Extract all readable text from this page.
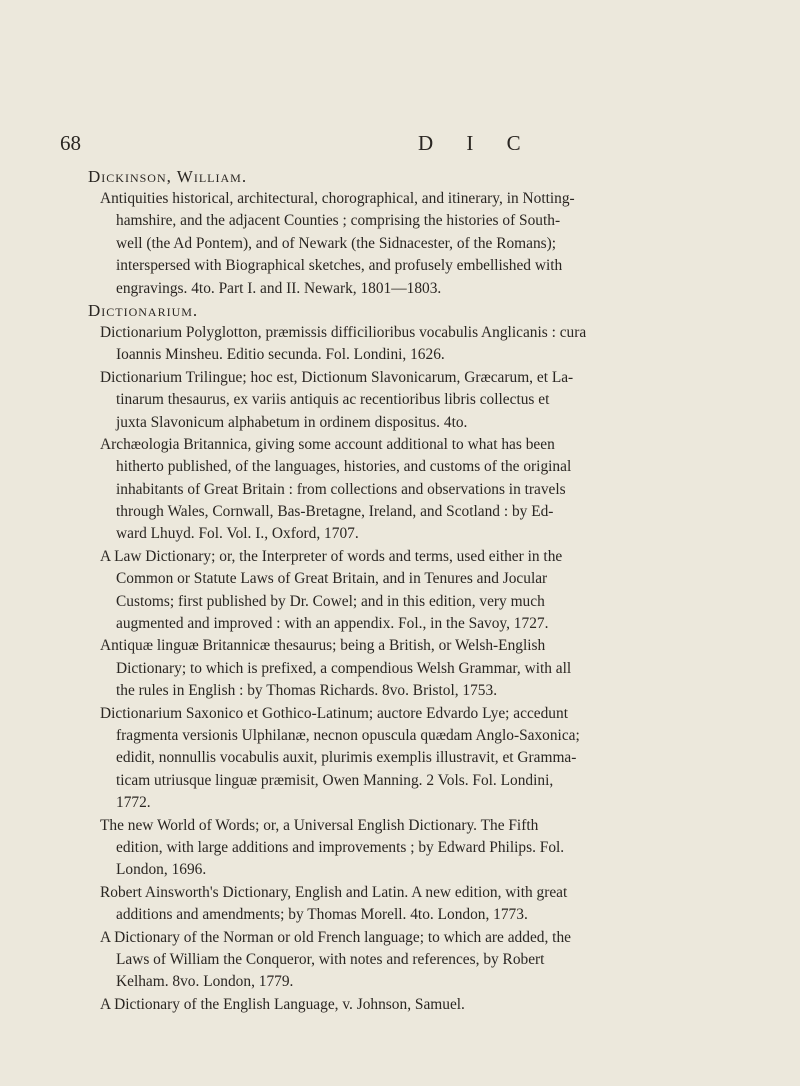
68	D I C
Dickinson, William.
Antiquities historical, architectural, chorographical, and itinerary, in Notting-
hamshire, and the adjacent Counties ; comprising the histories of South-
well (the Ad Pontem), and of Newark (the Sidnacester, of the Romans);
interspersed with Biographical sketches, and profusely embellished with
engravings. 4to. Part I. and II. Newark, 1801—1803.
Dictionarium.
Dictionarium Polyglotton, præmissis difficilioribus vocabulis Anglicanis : cura
Ioannis Minsheu. Editio secunda. Fol. Londini, 1626.
Dictionarium Trilingue; hoc est, Dictionum Slavonicarum, Græcarum, et La-
tinarum thesaurus, ex variis antiquis ac recentioribus libris collectus et
juxta Slavonicum alphabetum in ordinem dispositus. 4to.
Archæologia Britannica, giving some account additional to what has been
hitherto published, of the languages, histories, and customs of the original
inhabitants of Great Britain : from collections and observations in travels
through Wales, Cornwall, Bas-Bretagne, Ireland, and Scotland : by Ed-
ward Lhuyd. Fol. Vol. I., Oxford, 1707.
A Law Dictionary; or, the Interpreter of words and terms, used either in the
Common or Statute Laws of Great Britain, and in Tenures and Jocular
Customs; first published by Dr. Cowel; and in this edition, very much
augmented and improved : with an appendix. Fol., in the Savoy, 1727.
Antiquæ linguæ Britannicæ thesaurus; being a British, or Welsh-English
Dictionary; to which is prefixed, a compendious Welsh Grammar, with all
the rules in English : by Thomas Richards. 8vo. Bristol, 1753.
Dictionarium Saxonico et Gothico-Latinum; auctore Edvardo Lye; accedunt
fragmenta versionis Ulphilanæ, necnon opuscula quædam Anglo-Saxonica;
edidit, nonnullis vocabulis auxit, plurimis exemplis illustravit, et Gramma-
ticam utriusque linguæ præmisit, Owen Manning. 2 Vols. Fol. Londini,
1772.
The new World of Words; or, a Universal English Dictionary. The Fifth
edition, with large additions and improvements ; by Edward Philips. Fol.
London, 1696.
Robert Ainsworth's Dictionary, English and Latin. A new edition, with great
additions and amendments; by Thomas Morell. 4to. London, 1773.
A Dictionary of the Norman or old French language; to which are added, the
Laws of William the Conqueror, with notes and references, by Robert
Kelham. 8vo. London, 1779.
A Dictionary of the English Language, v. Johnson, Samuel.
